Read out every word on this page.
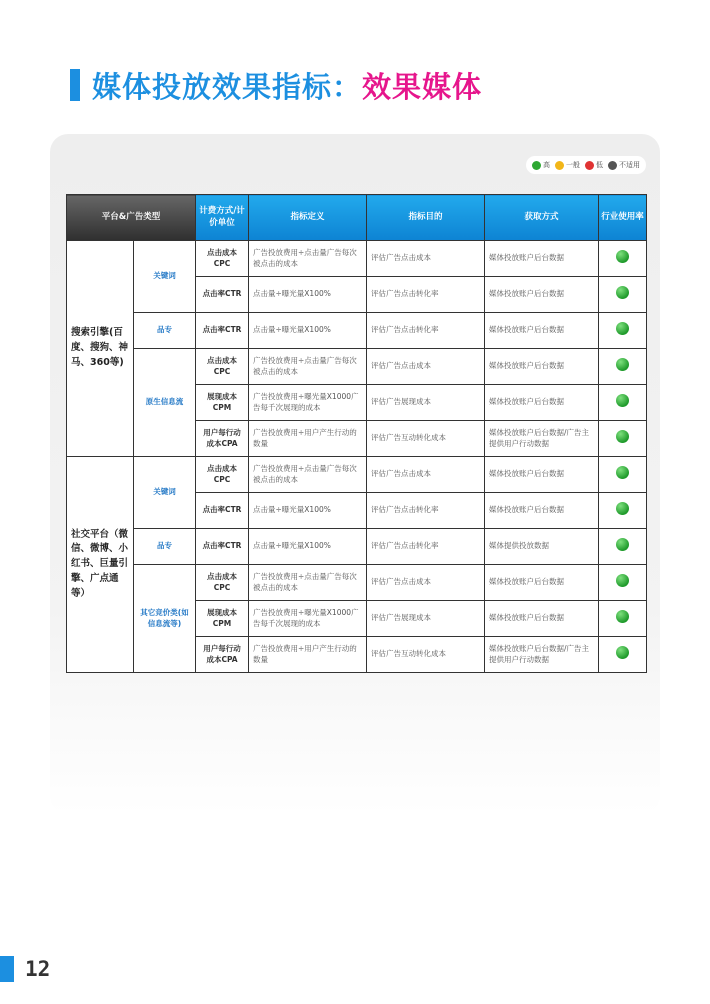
媒体投放效果指标：效果媒体
高 一般 低 不适用
平台&广告类型		计费方式/计价单位	指标定义	指标目的	获取方式	行业使用率
搜索引擎(百度、搜狗、神马、360等)	关键词	点击成本CPC	广告投放费用÷点击量广告每次被点击的成本	评估广告点击成本	媒体投放账户后台数据	
		点击率CTR	点击量÷曝光量X100%	评估广告点击转化率	媒体投放账户后台数据	
	品专	点击率CTR	点击量÷曝光量X100%	评估广告点击转化率	媒体投放账户后台数据	
	原生信息流	点击成本CPC	广告投放费用÷点击量广告每次被点击的成本	评估广告点击成本	媒体投放账户后台数据	
		展现成本CPM	广告投放费用÷曝光量X1000广告每千次展现的成本	评估广告展现成本	媒体投放账户后台数据	
		用户每行动成本CPA	广告投放费用÷用户产生行动的数量	评估广告互动转化成本	媒体投放账户后台数据/广告主提供用户行动数据	
社交平台（微信、微博、小红书、巨量引擎、广点通等）	关键词	点击成本CPC	广告投放费用÷点击量广告每次被点击的成本	评估广告点击成本	媒体投放账户后台数据	
		点击率CTR	点击量÷曝光量X100%	评估广告点击转化率	媒体投放账户后台数据	
	品专	点击率CTR	点击量÷曝光量X100%	评估广告点击转化率	媒体提供投放数据	
	其它竞价类(如信息流等)	点击成本CPC	广告投放费用÷点击量广告每次被点击的成本	评估广告点击成本	媒体投放账户后台数据	
		展现成本CPM	广告投放费用÷曝光量X1000广告每千次展现的成本	评估广告展现成本	媒体投放账户后台数据	
		用户每行动成本CPA	广告投放费用÷用户产生行动的数量	评估广告互动转化成本	媒体投放账户后台数据/广告主提供用户行动数据	
12
